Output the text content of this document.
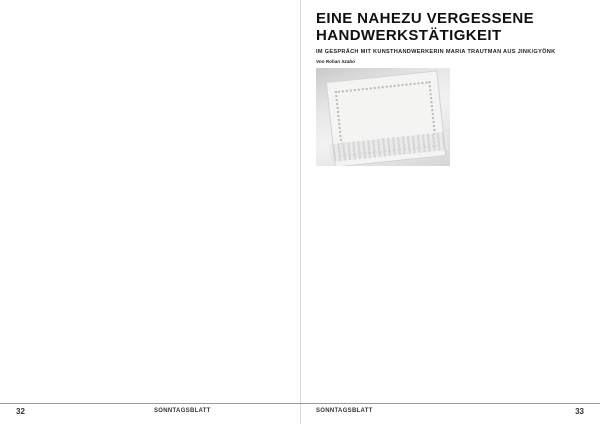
32	SONNTAGSBLATT
EINE NAHEZU VERGESSENE HANDWERKSTÄTIGKEIT
IM GESPRÄCH MIT KUNSTHANDWERKERIN MARIA TRAUTMAN AUS JINK/GYÖNK
Von Rohan Szabó

SONNTAGSBLATT	33
